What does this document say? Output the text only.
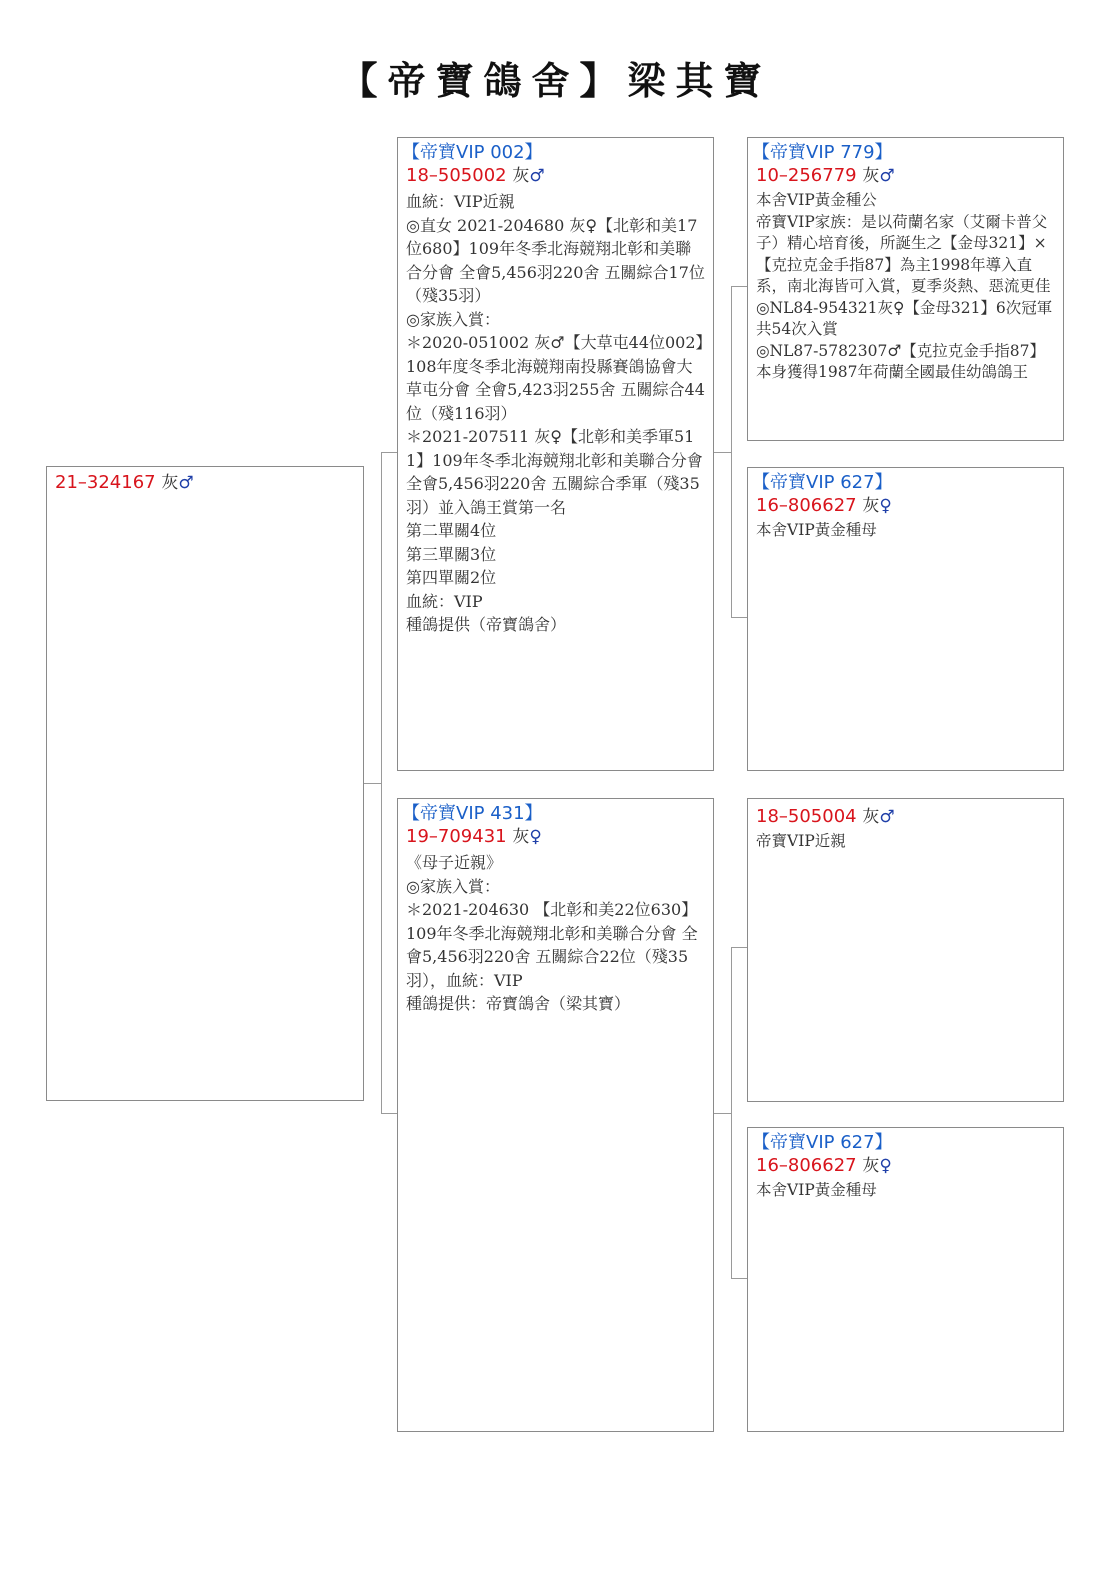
【帝寶鴿舍】梁其寶
21–324167 灰♂
【帝寶VIP 002】
18–505002 灰♂
血統：VIP近親
◎直女 2021-204680 灰♀【北彰和美17位680】109年冬季北海競翔北彰和美聯合分會 全會5,456羽220舍 五關綜合17位（殘35羽）
◎家族入賞：
＊2020-051002 灰♂【大草屯44位002】108年度冬季北海競翔南投縣賽鴿協會大草屯分會 全會5,423羽255舍 五關綜合44位（殘116羽）
＊2021-207511 灰♀【北彰和美季軍511】109年冬季北海競翔北彰和美聯合分會 全會5,456羽220舍 五關綜合季軍（殘35羽）並入鴿王賞第一名
第二單關4位
第三單關3位
第四單關2位
血統：VIP
種鴿提供（帝寶鴿舍）
【帝寶VIP 431】
19–709431 灰♀
《母子近親》
◎家族入賞：
＊2021-204630 【北彰和美22位630】109年冬季北海競翔北彰和美聯合分會 全會5,456羽220舍 五關綜合22位（殘35羽），血統：VIP
種鴿提供：帝寶鴿舍（梁其寶）
【帝寶VIP 779】
10–256779 灰♂
本舍VIP黃金種公
帝寶VIP家族：是以荷蘭名家（艾爾卡普父子）精心培育後，所誕生之【金母321】×【克拉克金手指87】為主1998年導入直系，南北海皆可入賞，夏季炎熱、惡流更佳
◎NL84-954321灰♀【金母321】6次冠軍共54次入賞
◎NL87-5782307♂【克拉克金手指87】本身獲得1987年荷蘭全國最佳幼鴿鴿王
【帝寶VIP 627】
16–806627 灰♀
本舍VIP黃金種母
18–505004 灰♂
帝寶VIP近親
【帝寶VIP 627】
16–806627 灰♀
本舍VIP黃金種母
